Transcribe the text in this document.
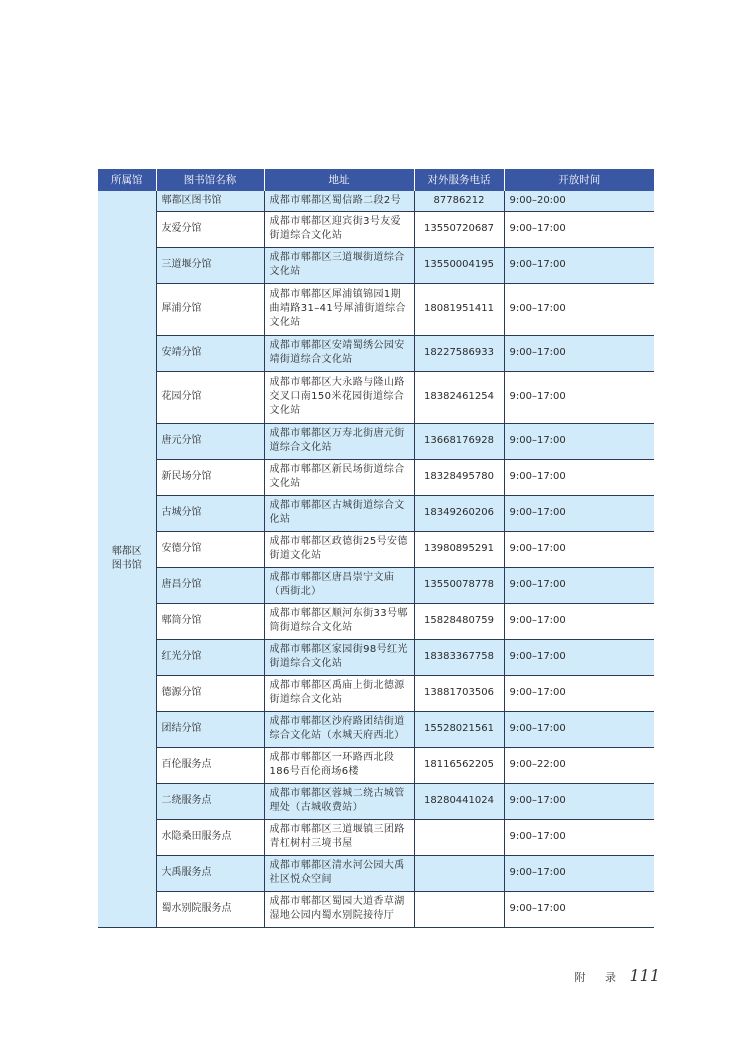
所属馆	图书馆名称	地址	对外服务电话	开放时间

郫都区
图书馆	郫都区图书馆	成都市郫都区蜀信路二段2号	87786212	9:00–20:00
	友爱分馆	成都市郫都区迎宾街3号友爱街道综合文化站	13550720687	9:00–17:00
	三道堰分馆	成都市郫都区三道堰街道综合文化站	13550004195	9:00–17:00
	犀浦分馆	成都市郫都区犀浦镇锦园1期曲靖路31–41号犀浦街道综合文化站	18081951411	9:00–17:00
	安靖分馆	成都市郫都区安靖蜀绣公园安靖街道综合文化站	18227586933	9:00–17:00
	花园分馆	成都市郫都区大永路与隆山路交叉口南150米花园街道综合文化站	18382461254	9:00–17:00
	唐元分馆	成都市郫都区万寿北街唐元街道综合文化站	13668176928	9:00–17:00
	新民场分馆	成都市郫都区新民场街道综合文化站	18328495780	9:00–17:00
	古城分馆	成都市郫都区古城街道综合文化站	18349260206	9:00–17:00
	安德分馆	成都市郫都区政德街25号安德街道文化站	13980895291	9:00–17:00
	唐昌分馆	成都市郫都区唐昌崇宁文庙（西街北）	13550078778	9:00–17:00
	郫筒分馆	成都市郫都区顺河东街33号郫筒街道综合文化站	15828480759	9:00–17:00
	红光分馆	成都市郫都区家园街98号红光街道综合文化站	18383367758	9:00–17:00
	德源分馆	成都市郫都区禹庙上街北德源街道综合文化站	13881703506	9:00–17:00
	团结分馆	成都市郫都区沙府路团结街道综合文化站（水城天府西北）	15528021561	9:00–17:00
	百伦服务点	成都市郫都区一环路西北段186号百伦商场6楼	18116562205	9:00–22:00
	二绕服务点	成都市郫都区蓉城二绕古城管理处（古城收费站）	18280441024	9:00–17:00
	水隐桑田服务点	成都市郫都区三道堰镇三团路青杠树村三境书屋		9:00–17:00
	大禹服务点	成都市郫都区清水河公园大禹社区悦众空间		9:00–17:00
	蜀水别院服务点	成都市郫都区蜀园大道香草湖湿地公园内蜀水别院接待厅		9:00–17:00
附 录 111
